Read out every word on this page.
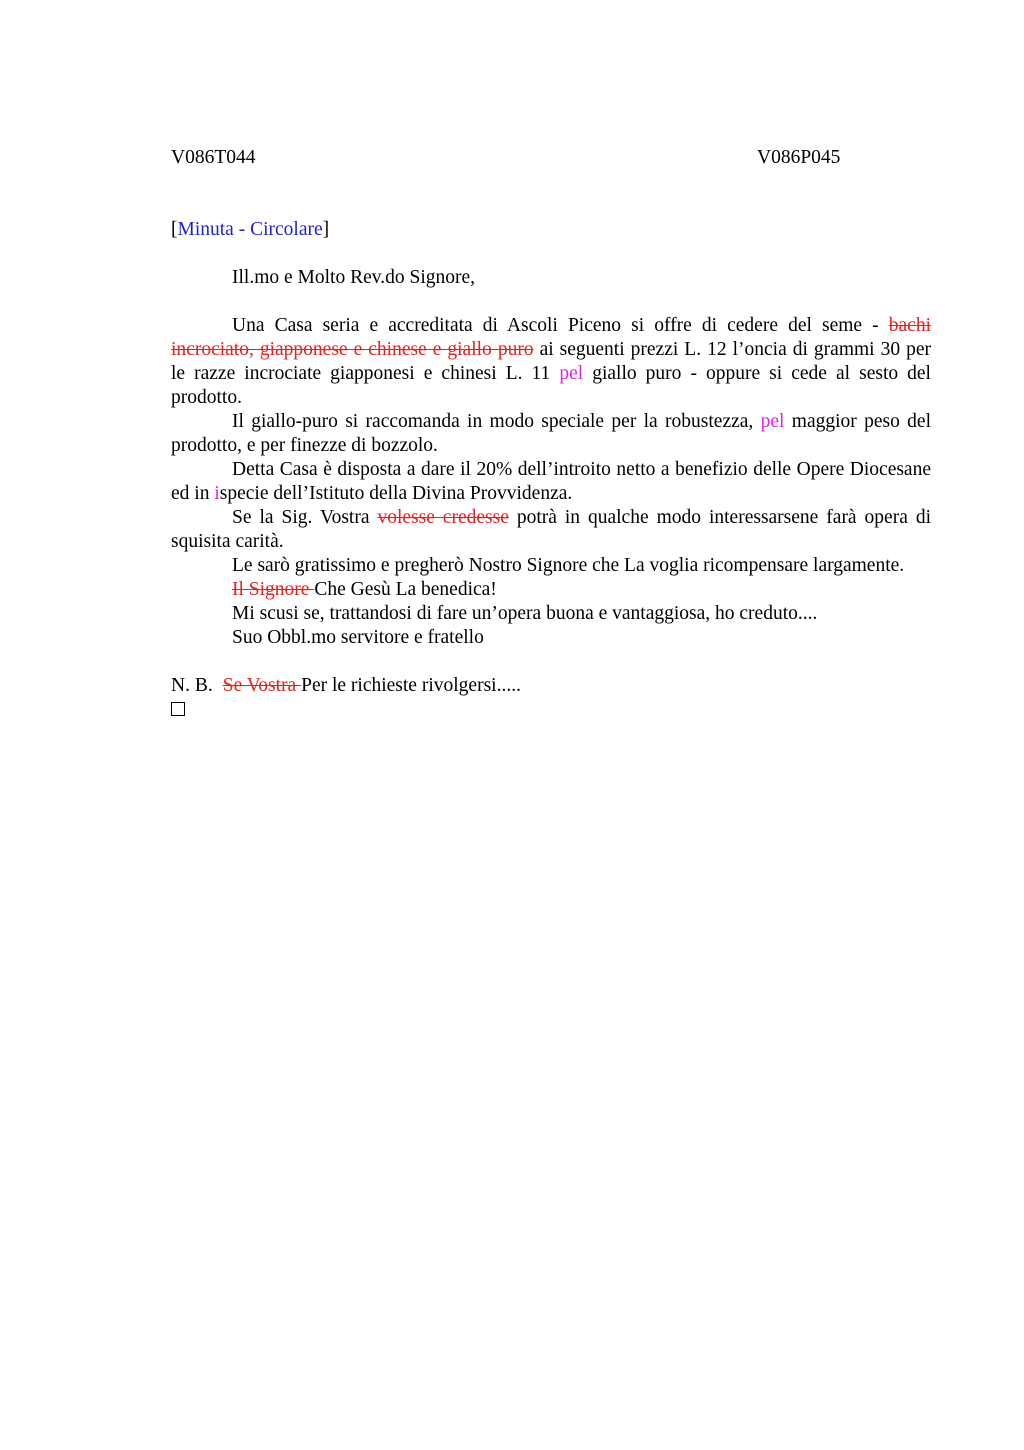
V086T044	V086P045

[Minuta - Circolare]

Ill.mo e Molto Rev.do Signore,

Una Casa seria e accreditata di Ascoli Piceno si offre di cedere del seme - bachi incrociato, giapponese e chinese e giallo puro ai seguenti prezzi L. 12 l’oncia di grammi 30 per le razze incrociate giapponesi e chinesi L. 11 pel giallo puro - oppure si cede al sesto del prodotto.

Il giallo-puro si raccomanda in modo speciale per la robustezza, pel maggior peso del prodotto, e per finezze di bozzolo.

Detta Casa è disposta a dare il 20% dell’introito netto a benefizio delle Opere Diocesane ed in ispecie dell’Istituto della Divina Provvidenza.

Se la Sig. Vostra volesse credesse potrà in qualche modo interessarsene farà opera di squisita carità.

Le sarò gratissimo e pregherò Nostro Signore che La voglia ricompensare largamente.

Il Signore Che Gesù La benedica!

Mi scusi se, trattandosi di fare un’opera buona e vantaggiosa, ho creduto....

Suo Obbl.mo servitore e fratello

N. B. Se Vostra Per le richieste rivolgersi.....
